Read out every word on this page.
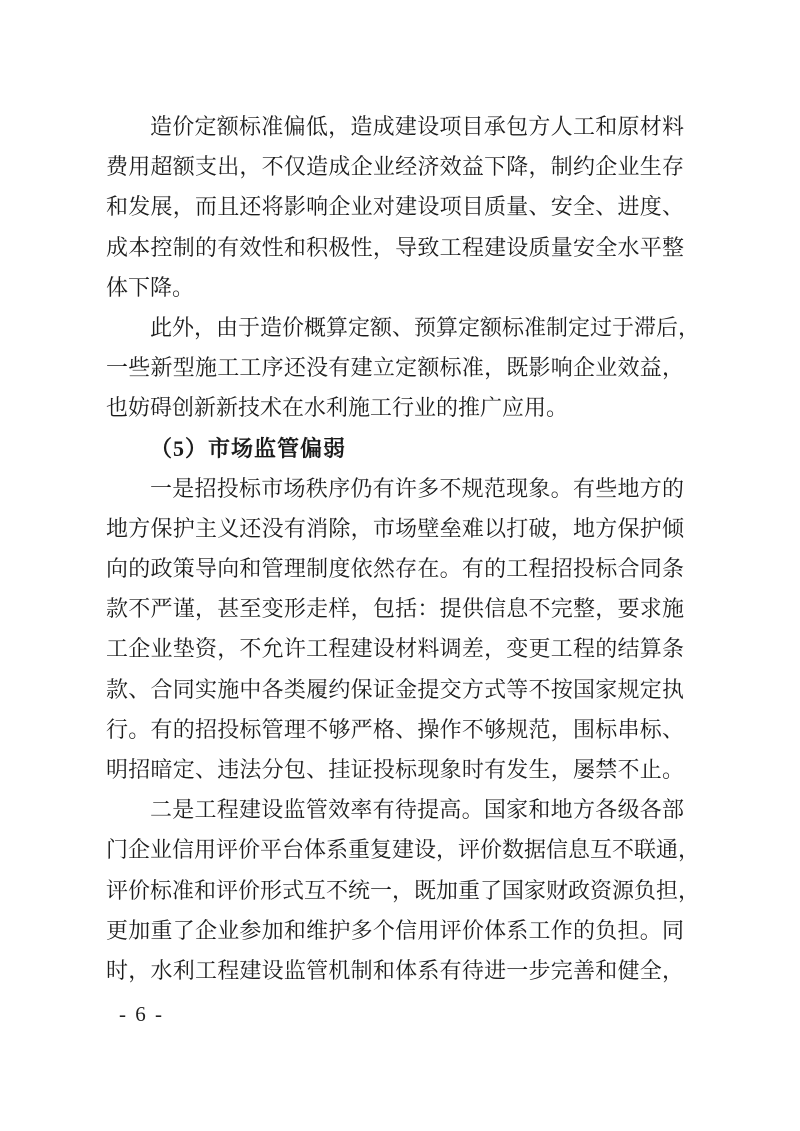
造价定额标准偏低，造成建设项目承包方人工和原材料
费用超额支出，不仅造成企业经济效益下降，制约企业生存
和发展，而且还将影响企业对建设项目质量、安全、进度、
成本控制的有效性和积极性，导致工程建设质量安全水平整
体下降。
此外，由于造价概算定额、预算定额标准制定过于滞后，
一些新型施工工序还没有建立定额标准，既影响企业效益，
也妨碍创新新技术在水利施工行业的推广应用。
（5）市场监管偏弱
一是招投标市场秩序仍有许多不规范现象。有些地方的
地方保护主义还没有消除，市场壁垒难以打破，地方保护倾
向的政策导向和管理制度依然存在。有的工程招投标合同条
款不严谨，甚至变形走样，包括：提供信息不完整，要求施
工企业垫资，不允许工程建设材料调差，变更工程的结算条
款、合同实施中各类履约保证金提交方式等不按国家规定执
行。有的招投标管理不够严格、操作不够规范，围标串标、
明招暗定、违法分包、挂证投标现象时有发生，屡禁不止。
二是工程建设监管效率有待提高。国家和地方各级各部
门企业信用评价平台体系重复建设，评价数据信息互不联通，
评价标准和评价形式互不统一，既加重了国家财政资源负担，
更加重了企业参加和维护多个信用评价体系工作的负担。同
时，水利工程建设监管机制和体系有待进一步完善和健全，
- 6 -
